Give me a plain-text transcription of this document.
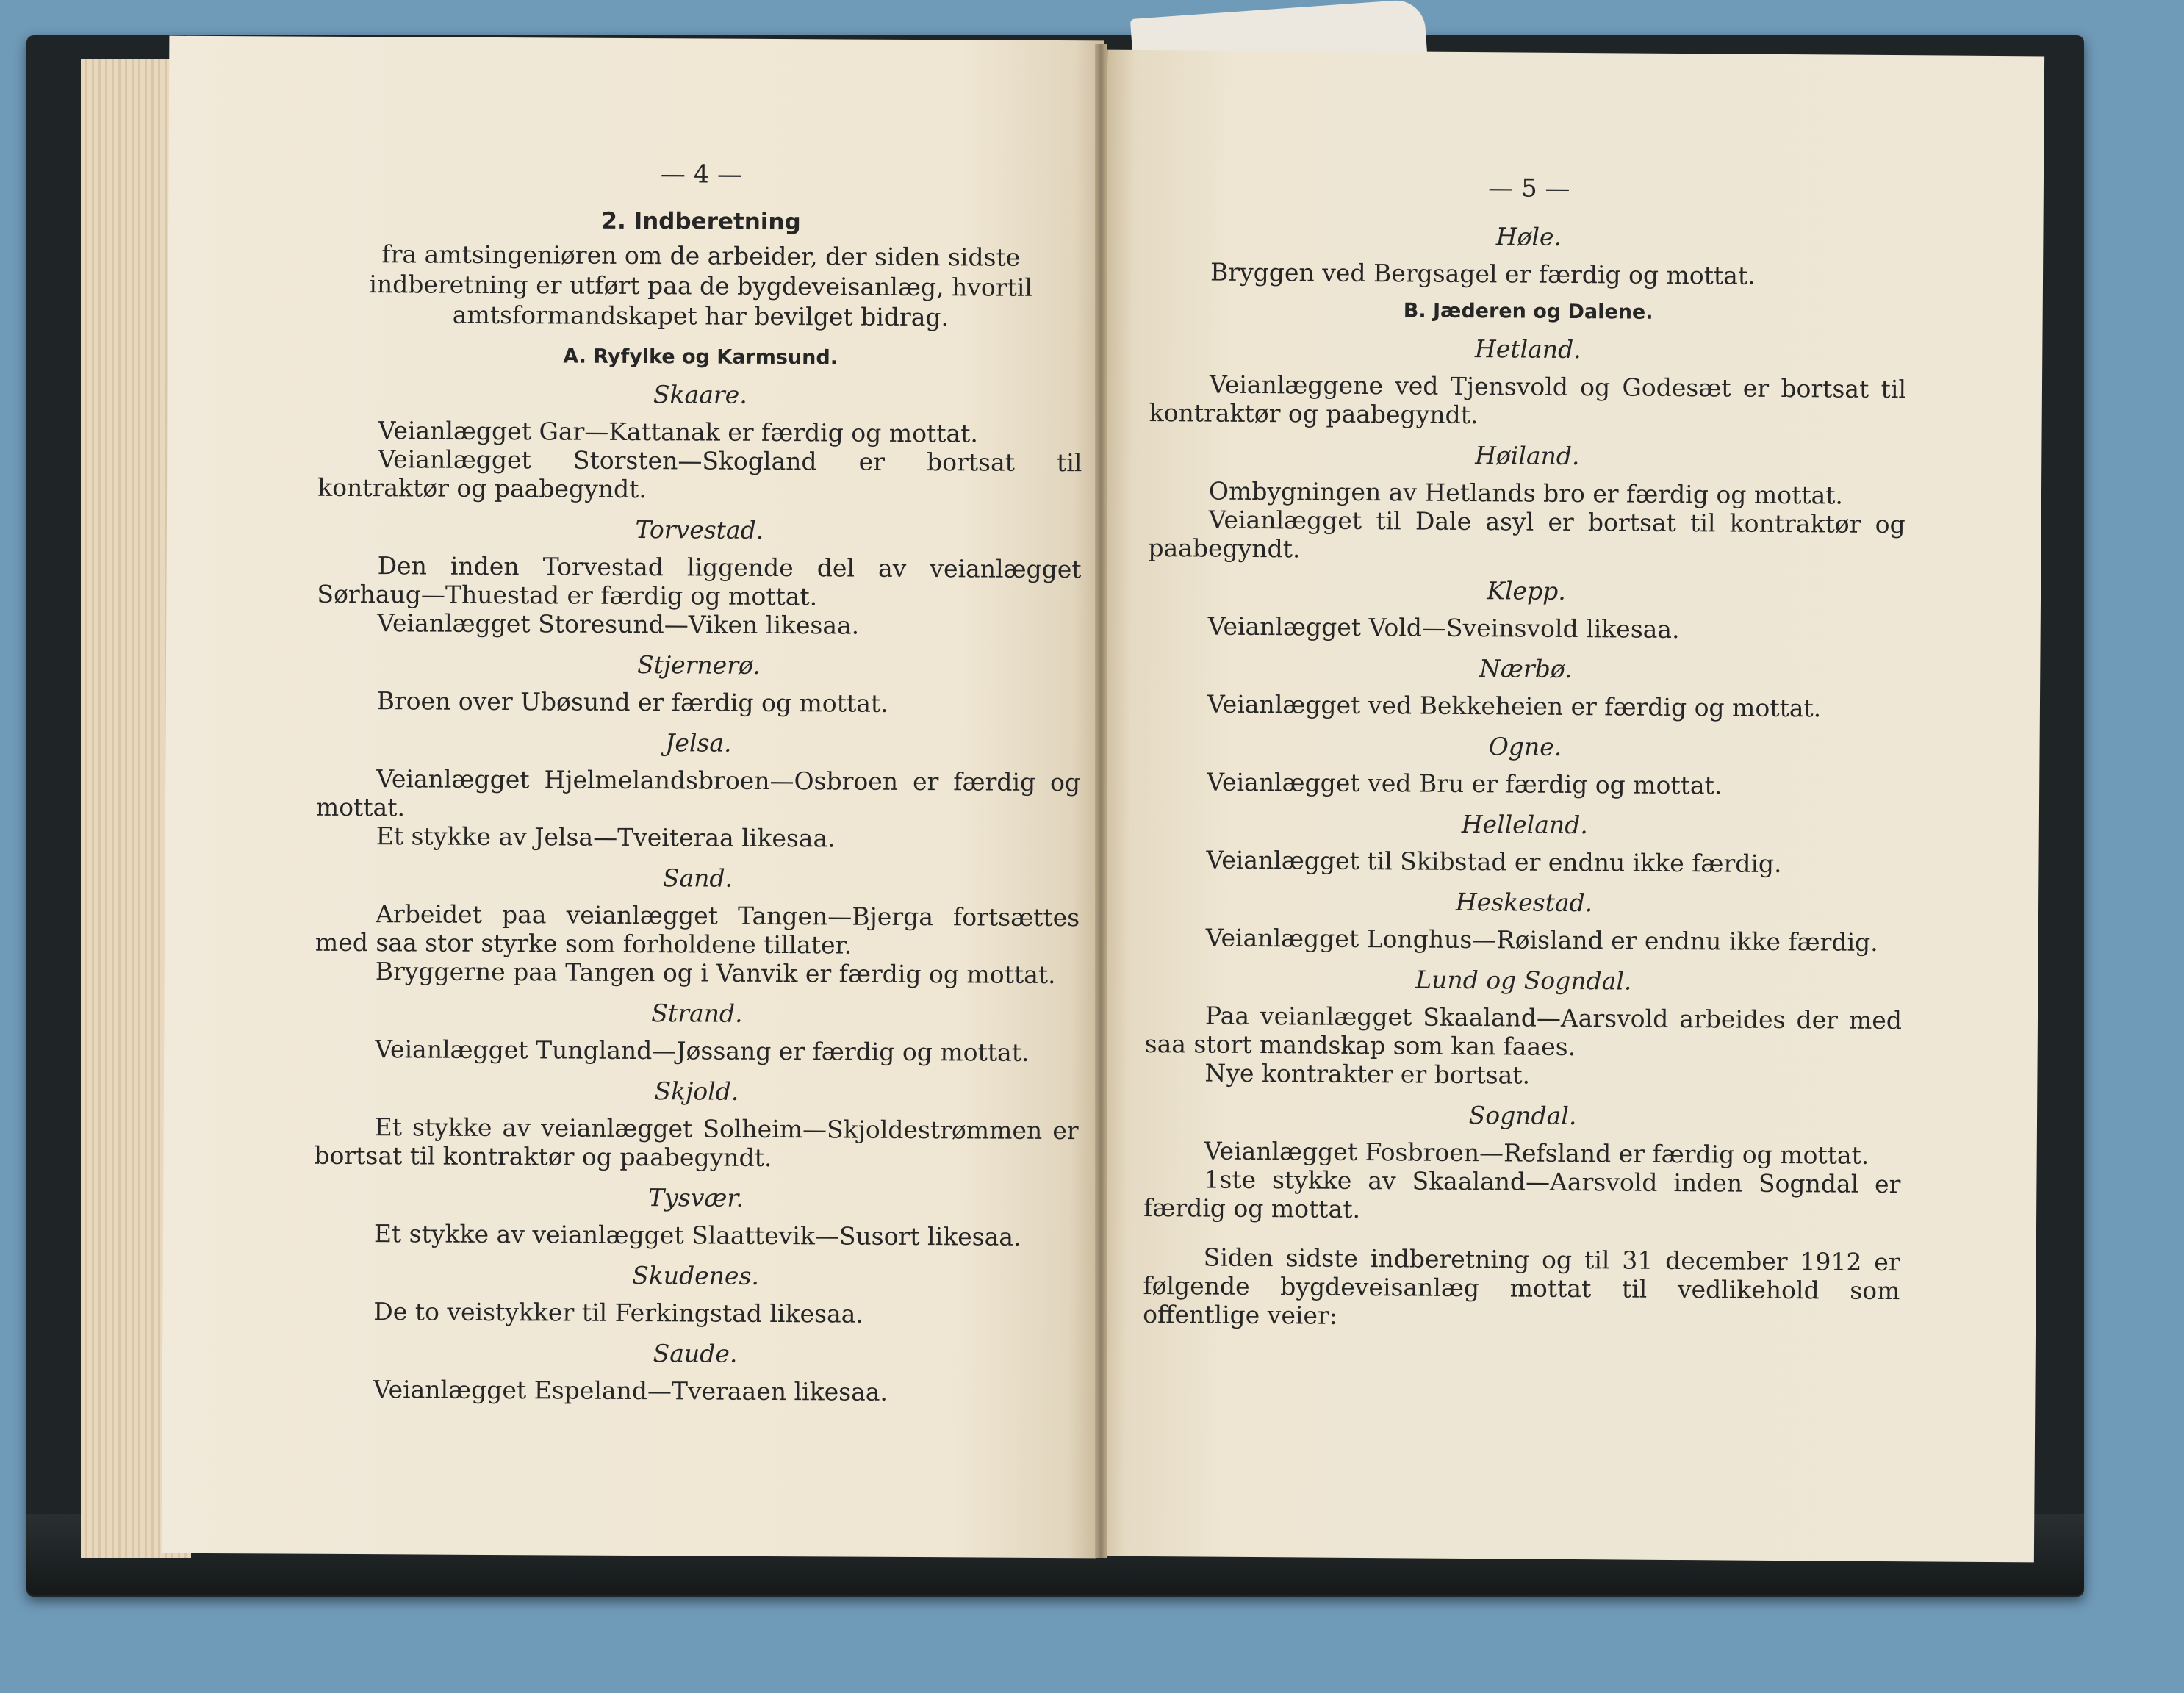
— 4 —
2. Indberetning
fra amtsingeniøren om de arbeider, der siden sidste indberetning er utført paa de bygdeveisanlæg, hvortil amtsformandskapet har bevilget bidrag.
A. Ryfylke og Karmsund.
Skaare.

Veianlægget Gar—Kattanak er færdig og mottat.

Veianlægget Storsten—Skogland er bortsat til kontraktør og paabegyndt.

Torvestad.

Den inden Torvestad liggende del av veianlægget Sørhaug—Thuestad er færdig og mottat.

Veianlægget Storesund—Viken likesaa.

Stjernerø.

Broen over Ubøsund er færdig og mottat.

Jelsa.

Veianlægget Hjelmelandsbroen—Osbroen er færdig og mottat.

Et stykke av Jelsa—Tveiteraa likesaa.

Sand.

Arbeidet paa veianlægget Tangen—Bjerga fortsættes med saa stor styrke som forholdene tillater.

Bryggerne paa Tangen og i Vanvik er færdig og mottat.

Strand.

Veianlægget Tungland—Jøssang er færdig og mottat.

Skjold.

Et stykke av veianlægget Solheim—Skjoldestrømmen er bortsat til kontraktør og paabegyndt.

Tysvær.

Et stykke av veianlægget Slaattevik—Susort likesaa.

Skudenes.

De to veistykker til Ferkingstad likesaa.

Saude.

Veianlægget Espeland—Tveraaen likesaa.

— 5 —
Høle.

Bryggen ved Bergsagel er færdig og mottat.

B. Jæderen og Dalene.
Hetland.

Veianlæggene ved Tjensvold og Godesæt er bortsat til kontraktør og paabegyndt.

Høiland.

Ombygningen av Hetlands bro er færdig og mottat.

Veianlægget til Dale asyl er bortsat til kontraktør og paabegyndt.

Klepp.

Veianlægget Vold—Sveinsvold likesaa.

Nærbø.

Veianlægget ved Bekkeheien er færdig og mottat.

Ogne.

Veianlægget ved Bru er færdig og mottat.

Helleland.

Veianlægget til Skibstad er endnu ikke færdig.

Heskestad.

Veianlægget Longhus—Røisland er endnu ikke færdig.

Lund og Sogndal.

Paa veianlægget Skaaland—Aarsvold arbeides der med saa stort mandskap som kan faaes.

Nye kontrakter er bortsat.

Sogndal.

Veianlægget Fosbroen—Refsland er færdig og mottat.

1ste stykke av Skaaland—Aarsvold inden Sogndal er færdig og mottat.

Siden sidste indberetning og til 31 december 1912 er følgende bygdeveisanlæg mottat til vedlikehold som offentlige veier:
